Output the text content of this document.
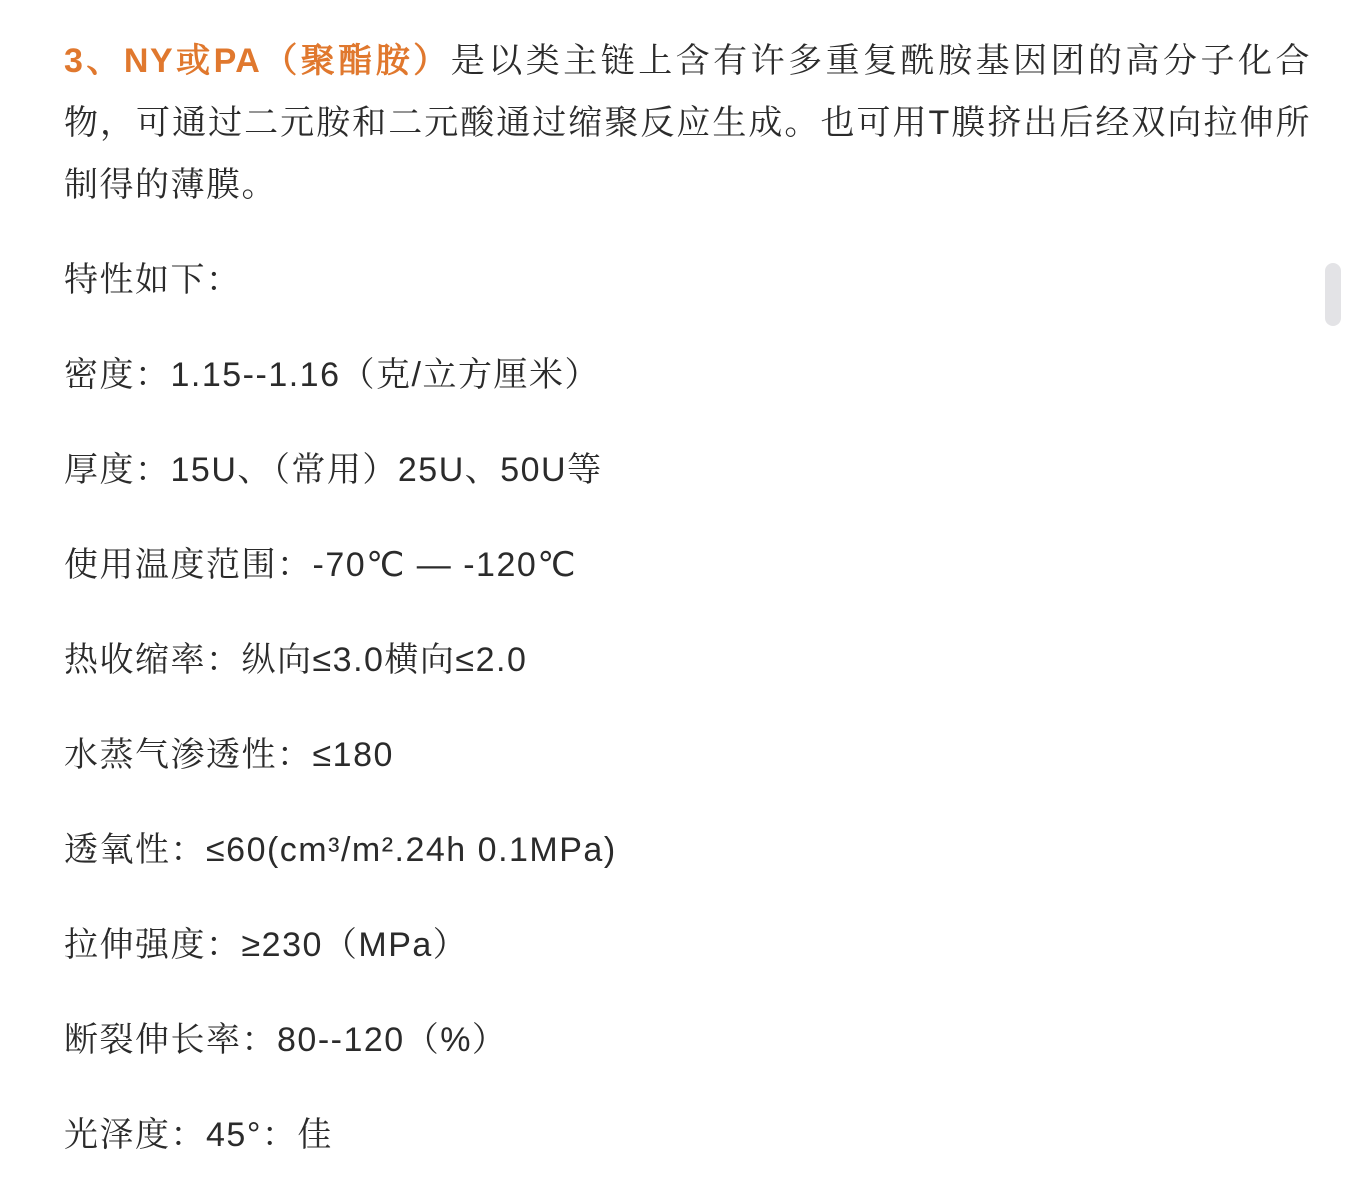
3、NY或PA（聚酯胺）是以类主链上含有许多重复酰胺基因团的高分子化合物，可通过二元胺和二元酸通过缩聚反应生成。也可用T膜挤出后经双向拉伸所制得的薄膜。

特性如下：

密度：1.15--1.16（克/立方厘米）

厚度：15U、（常用）25U、50U等

使用温度范围：-70℃ — -120℃

热收缩率：纵向≤3.0横向≤2.0

水蒸气渗透性：≤180

透氧性：≤60(cm³/m².24h 0.1MPa)

拉伸强度：≥230（MPa）

断裂伸长率：80--120（%）

光泽度：45°：佳
